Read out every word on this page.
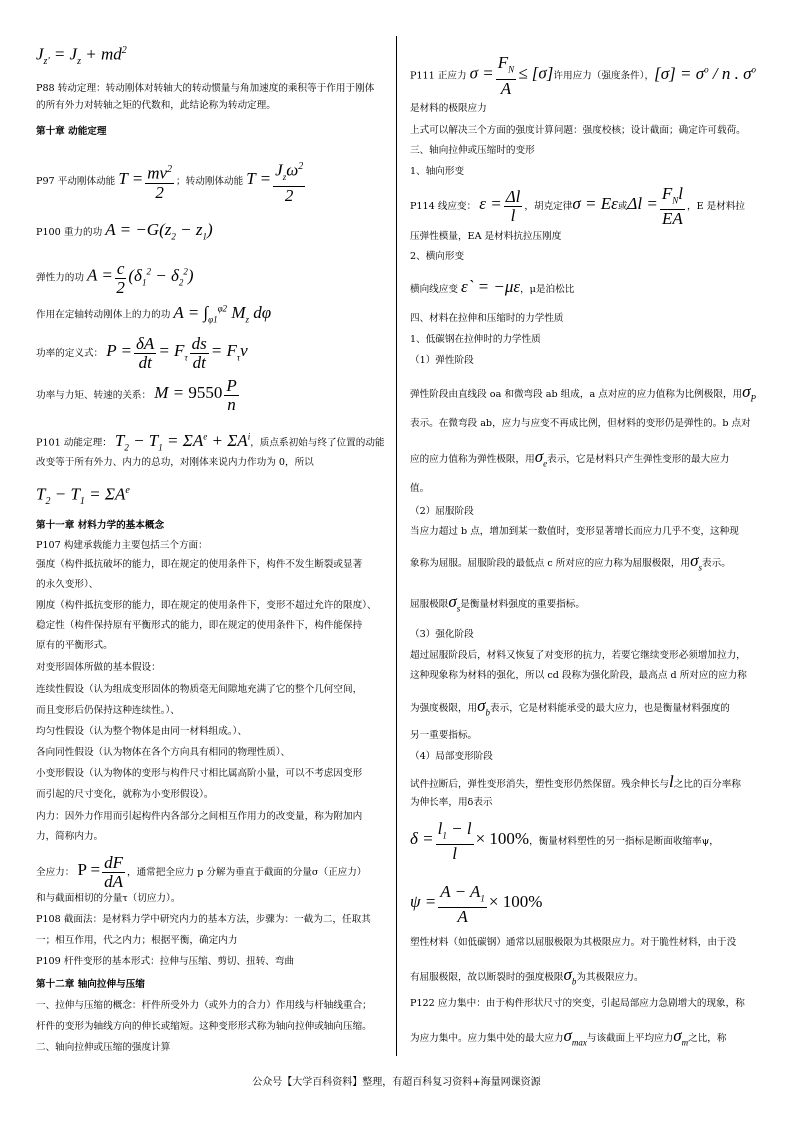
$J_{z'} = J_z + md^2$
P88 转动定理：转动刚体对转轴大的转动惯量与角加速度的乘积等于作用于刚体
的所有外力对转轴之矩的代数和，此结论称为转动定理。
第十章 动能定理
P97 平动刚体动能 $T = \frac{mv^2}{2}$ ；转动刚体动能 $T = \frac{J_z\omega^2}{2}$
P100 重力的功 $A = -G(z_2 - z_1)$
弹性力的功 $A = \frac{c}{2} (\delta_1^2 - \delta_2^2)$
作用在定轴转动刚体上的力的功 $A = \int_{\varphi 1}^{\varphi 2}$ $M_z$ dφ
功率的定义式： $P = \frac{\delta A}{dt} = F_\tau \frac{ds}{dt} = F_\tau v$
功率与力矩、转速的关系： $M = 9550 \frac{P}{n}$
P101 动能定理： $T_2 - T_1 = \Sigma A^e + \Sigma A^i$，质点系初始与终了位置的动能
改变等于所有外力、内力的总功，对刚体来说内力作功为 0，所以
$T_2 - T_1 = \Sigma A^e$
第十一章 材料力学的基本概念
P107 构建承载能力主要包括三个方面：
强度（构件抵抗破坏的能力，即在规定的使用条件下，构件不发生断裂或显著
的永久变形）、
刚度（构件抵抗变形的能力，即在规定的使用条件下，变形不超过允许的限度）、
稳定性（构件保持原有平衡形式的能力，即在规定的使用条件下，构件能保持
原有的平衡形式。
对变形固体所做的基本假设：
连续性假设（认为组成变形固体的物质毫无间隙地充满了它的整个几何空间，
而且变形后仍保持这种连续性。）、
均匀性假设（认为整个物体是由同一材料组成。）、
各向同性假设（认为物体在各个方向具有相同的物理性质）、
小变形假设（认为物体的变形与构件尺寸相比属高阶小量，可以不考虑因变形
而引起的尺寸变化，就称为小变形假设）。
内力：因外力作用而引起构件内各部分之间相互作用力的改变量，称为附加内
力，简称内力。
全应力： $P = \frac{dF}{dA}$ ，通常把全应力 p 分解为垂直于截面的分量σ（正应力）
和与截面相切的分量τ（切应力）。
P108 截面法：是材料力学中研究内力的基本方法，步骤为：一截为二，任取其
一；相互作用，代之内力；根据平衡，确定内力
P109 杆件变形的基本形式：拉伸与压缩、剪切、扭转、弯曲
第十二章 轴向拉伸与压缩
一、拉伸与压缩的概念：杆件所受外力（或外力的合力）作用线与杆轴线重合；
杆件的变形为轴线方向的伸长或缩短。这种变形形式称为轴向拉伸或轴向压缩。
二、轴向拉伸或压缩的强度计算
P111 正应力 $\sigma = \frac{F_N}{A} \le [\sigma]$许用应力（强度条件），$[\sigma] = \sigma^o / n$ . $\sigma^o$
是材料的极限应力
上式可以解决三个方面的强度计算问题：强度校核；设计截面；确定许可载荷。
三、轴向拉伸或压缩时的变形
1、轴向形变
P114 线应变： $\varepsilon = \frac{\Delta l}{l}$ ，胡克定律σ = Eε或$\Delta l = \frac{F_Nl}{EA}$ ，E 是材料拉
压弹性模量，EA 是材料抗拉压刚度
2、横向形变
横向线应变 ε` = −με，μ是泊松比
四、材料在拉伸和压缩时的力学性质
1、低碳钢在拉伸时的力学性质
（1）弹性阶段
弹性阶段由直线段 oa 和微弯段 ab 组成，a 点对应的应力值称为比例极限，用$\sigma_P$
表示。在微弯段 ab，应力与应变不再成比例，但材料的变形仍是弹性的。b 点对
应的应力值称为弹性极限，用$\sigma_e$表示，它是材料只产生弹性变形的最大应力
值。
（2）屈服阶段
当应力超过 b 点，增加到某一数值时，变形显著增长而应力几乎不变，这种现
象称为屈服。屈服阶段的最低点 c 所对应的应力称为屈服极限，用$\sigma_s$表示。
屈服极限$\sigma_s$是衡量材料强度的重要指标。
（3）强化阶段
超过屈服阶段后，材料又恢复了对变形的抗力，若要它继续变形必须增加拉力，
这种现象称为材料的强化，所以 cd 段称为强化阶段，最高点 d 所对应的应力称
为强度极限，用$\sigma_b$表示，它是材料能承受的最大应力，也是衡量材料强度的
另一重要指标。
（4）局部变形阶段
试件拉断后，弹性变形消失，塑性变形仍然保留。残余伸长与l之比的百分率称
为伸长率，用δ表示
$\delta = \frac{l_1 - l}{l} \times 100\%$，衡量材料塑性的另一指标是断面收缩率ψ，
$\psi = \frac{A - A_1}{A} \times 100\%$
塑性材料（如低碳钢）通常以屈服极限为其极限应力。对于脆性材料，由于没
有屈服极限，故以断裂时的强度极限$\sigma_b$为其极限应力。
P122 应力集中：由于构件形状尺寸的突变，引起局部应力急剧增大的现象，称
为应力集中。应力集中处的最大应力$\sigma_{max}$与该截面上平均应力$\sigma_m$之比，称
公众号【大学百科资料】整理，有超百科复习资料+海量网课资源
